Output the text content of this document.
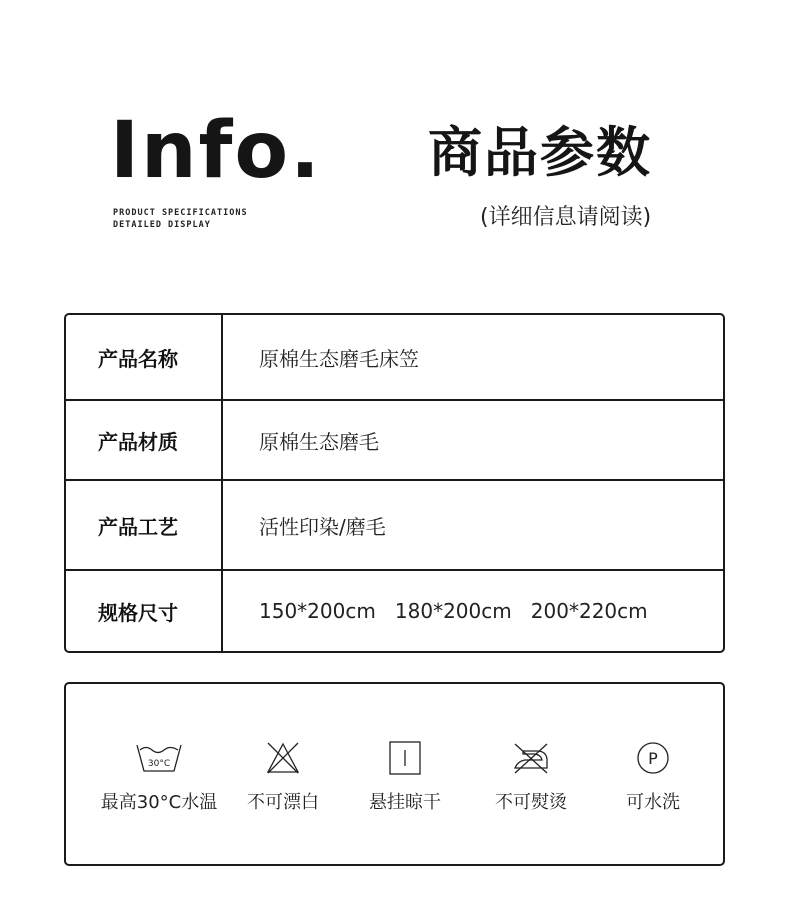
Info.
PRODUCT SPECIFICATIONS
DETAILED DISPLAY
商品参数
(详细信息请阅读)
产品名称	原棉生态磨毛床笠
产品材质	原棉生态磨毛
产品工艺	活性印染/磨毛
规格尺寸	150*200cm   180*200cm   200*220cm
30°C
最高30°C水温	不可漂白	悬挂晾干	不可熨烫
P
可水洗
